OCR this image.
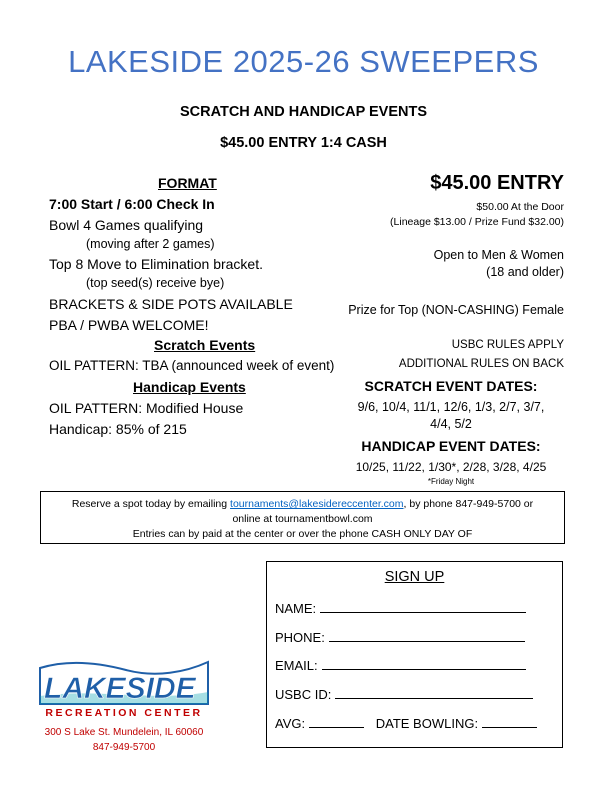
LAKESIDE 2025-26 SWEEPERS
SCRATCH AND HANDICAP EVENTS
$45.00 ENTRY 1:4 CASH
FORMAT
7:00 Start / 6:00 Check In
Bowl 4 Games qualifying
(moving after 2 games)
Top 8 Move to Elimination bracket.
(top seed(s) receive bye)
BRACKETS & SIDE POTS AVAILABLE
PBA / PWBA WELCOME!
Scratch Events
OIL PATTERN: TBA (announced week of event)
Handicap Events
OIL PATTERN: Modified House
Handicap: 85% of 215
$45.00 ENTRY
$50.00 At the Door
(Lineage $13.00 / Prize Fund $32.00)
Open to Men & Women
(18 and older)
Prize for Top (NON-CASHING) Female
USBC RULES APPLY
ADDITIONAL RULES ON BACK
SCRATCH EVENT DATES:
9/6, 10/4, 11/1, 12/6, 1/3, 2/7, 3/7,
4/4, 5/2
HANDICAP EVENT DATES:
10/25, 11/22, 1/30*, 2/28, 3/28, 4/25
*Friday Night
Reserve a spot today by emailing tournaments@lakesidereccenter.com, by phone 847-949-5700 or
online at tournamentbowl.com
Entries can by paid at the center or over the phone CASH ONLY DAY OF
SIGN UP
NAME:
PHONE:
EMAIL:
USBC ID:
AVG:	DATE BOWLING:
LAKESIDE
RECREATION CENTER
300 S Lake St. Mundelein, IL 60060
847-949-5700
